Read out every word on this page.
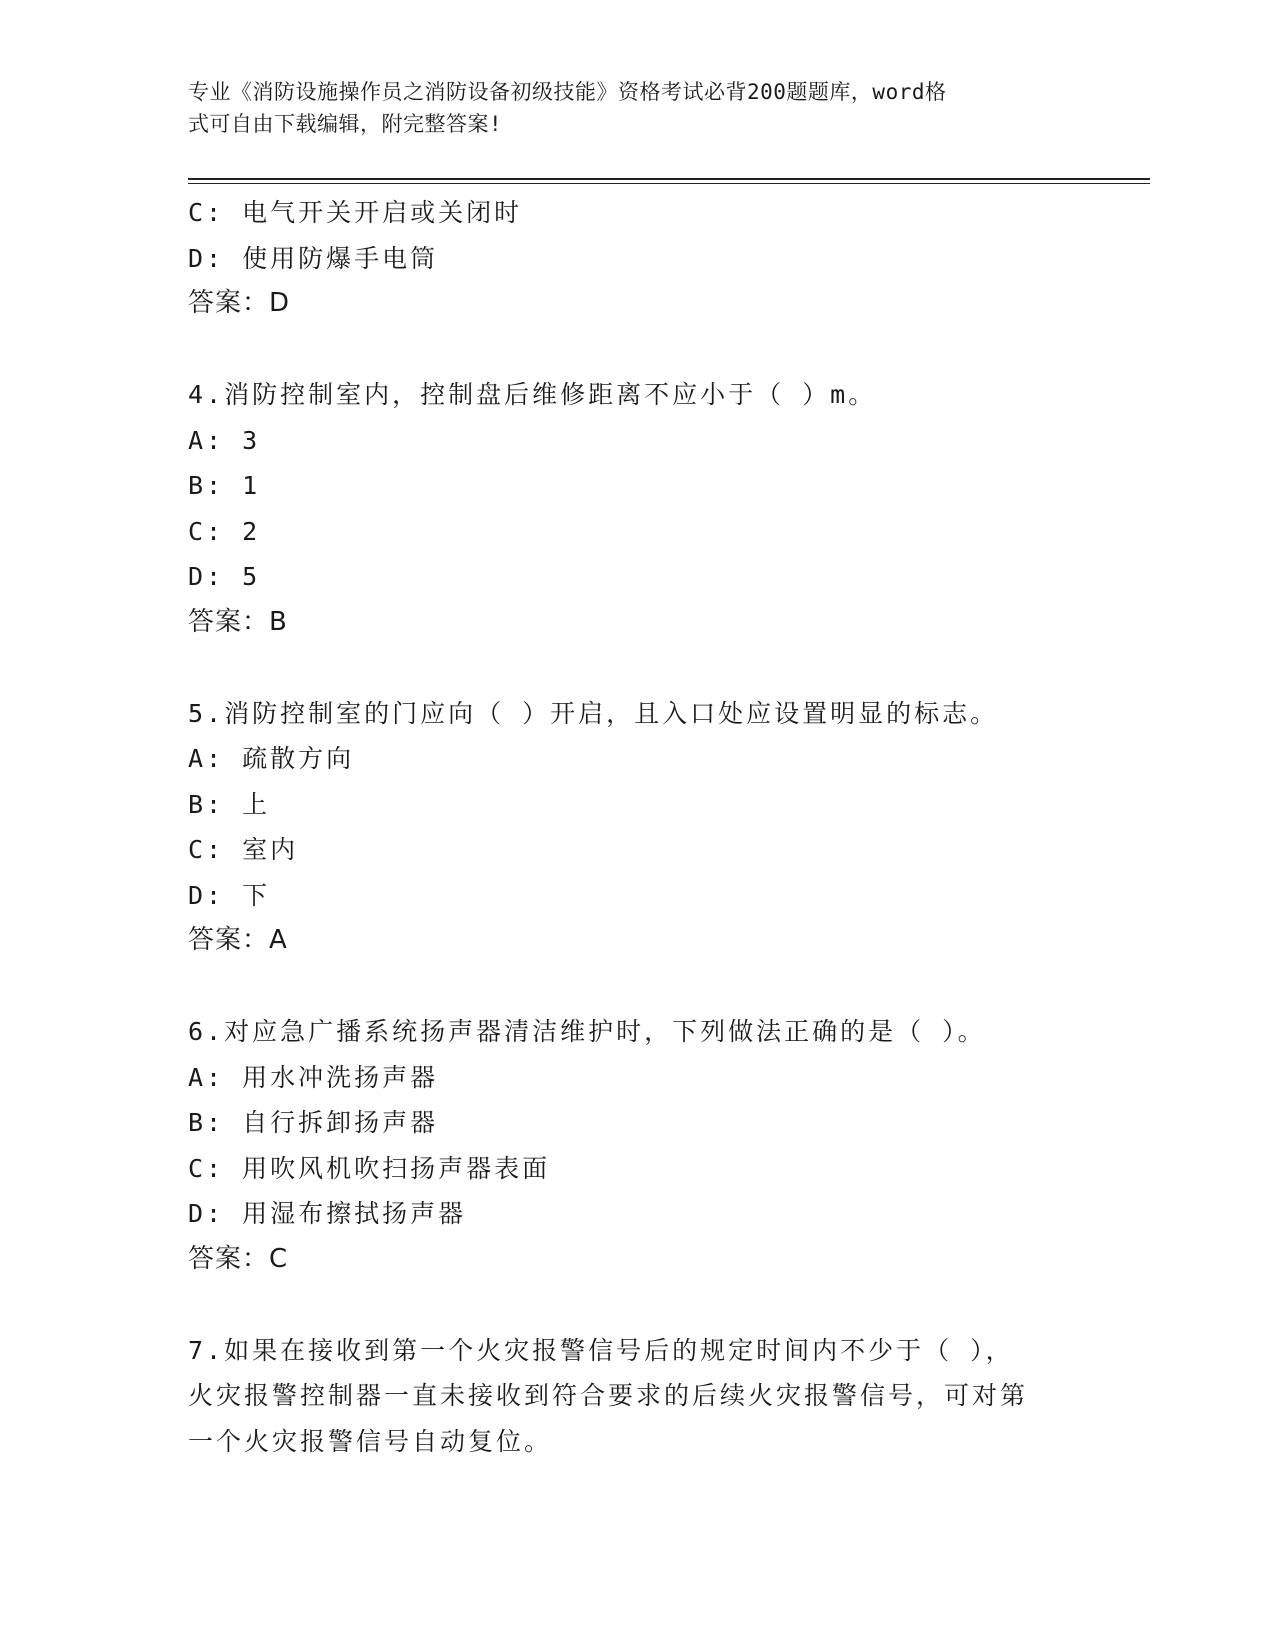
专业《消防设施操作员之消防设备初级技能》资格考试必背200题题库，word格
式可自由下载编辑，附完整答案!
C: 电气开关开启或关闭时
D: 使用防爆手电筒
答案：D
4.消防控制室内，控制盘后维修距离不应小于（ ）m。
A: 3
B: 1
C: 2
D: 5
答案：B
5.消防控制室的门应向（ ）开启，且入口处应设置明显的标志。
A: 疏散方向
B: 上
C: 室内
D: 下
答案：A
6.对应急广播系统扬声器清洁维护时，下列做法正确的是（ ）。
A: 用水冲洗扬声器
B: 自行拆卸扬声器
C: 用吹风机吹扫扬声器表面
D: 用湿布擦拭扬声器
答案：C
7.如果在接收到第一个火灾报警信号后的规定时间内不少于（ ），
火灾报警控制器一直未接收到符合要求的后续火灾报警信号，可对第
一个火灾报警信号自动复位。
